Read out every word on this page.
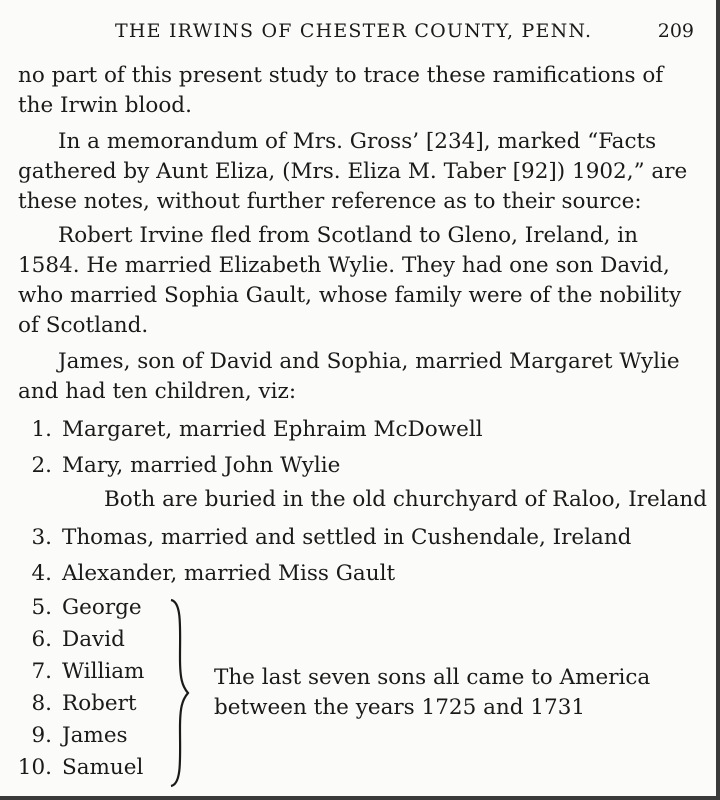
THE IRWINS OF CHESTER COUNTY, PENN.	209
no part of this present study to trace these ramifications of
the Irwin blood.
In a memorandum of Mrs. Gross’ [234], marked “Facts
gathered by Aunt Eliza, (Mrs. Eliza M. Taber [92]) 1902,” are
these notes, without further reference as to their source:
Robert Irvine fled from Scotland to Gleno, Ireland, in
1584. He married Elizabeth Wylie. They had one son David,
who married Sophia Gault, whose family were of the nobility
of Scotland.
James, son of David and Sophia, married Margaret Wylie
and had ten children, viz:
1. Margaret, married Ephraim McDowell
2. Mary, married John Wylie
Both are buried in the old churchyard of Raloo, Ireland
3. Thomas, married and settled in Cushendale, Ireland
4. Alexander, married Miss Gault
5. George
6. David
7. William
8. Robert
9. James
10. Samuel
The last seven sons all came to America
between the years 1725 and 1731
